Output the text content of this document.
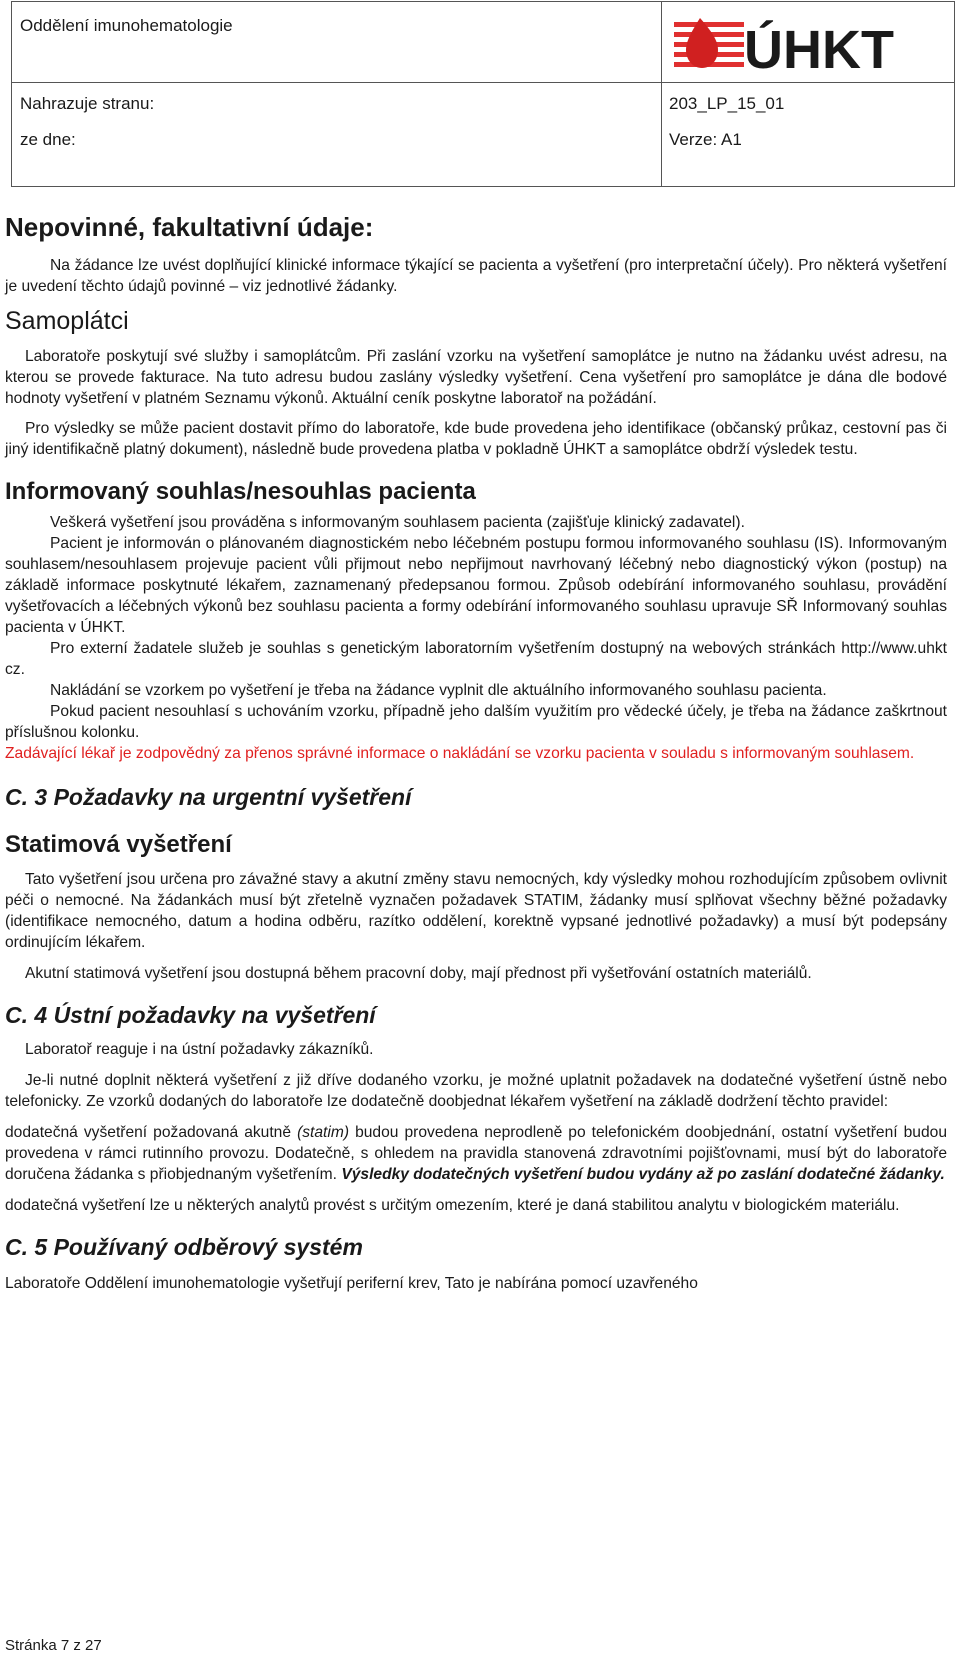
Oddělení imunohematologie
Nahrazuje stranu:
ze dne:
203_LP_15_01
Verze: A1
ÚHKT
Nepovinné, fakultativní údaje:

Na žádance lze uvést doplňující klinické informace týkající se pacienta a vyšetření (pro interpretační účely). Pro některá vyšetření je uvedení těchto údajů povinné – viz jednotlivé žádanky.

Samoplátci

Laboratoře poskytují své služby i samoplátcům. Při zaslání vzorku na vyšetření samoplátce je nutno na žádanku uvést adresu, na kterou se provede fakturace. Na tuto adresu budou zaslány výsledky vyšetření. Cena vyšetření pro samoplátce je dána dle bodové hodnoty vyšetření v platném Seznamu výkonů. Aktuální ceník poskytne laboratoř na požádání.

Pro výsledky se může pacient dostavit přímo do laboratoře, kde bude provedena jeho identifikace (občanský průkaz, cestovní pas či jiný identifikačně platný dokument), následně bude provedena platba v pokladně ÚHKT a samoplátce obdrží výsledek testu.

Informovaný souhlas/nesouhlas pacienta

Veškerá vyšetření jsou prováděna s informovaným souhlasem pacienta (zajišťuje klinický zadavatel).

Pacient je informován o plánovaném diagnostickém nebo léčebném postupu formou informovaného souhlasu (IS). Informovaným souhlasem/nesouhlasem projevuje pacient vůli přijmout nebo nepřijmout navrhovaný léčebný nebo diagnostický výkon (postup) na základě informace poskytnuté lékařem, zaznamenaný předepsanou formou. Způsob odebírání informovaného souhlasu, provádění vyšetřovacích a léčebných výkonů bez souhlasu pacienta a formy odebírání informovaného souhlasu upravuje SŘ Informovaný souhlas pacienta v ÚHKT.

Pro externí žadatele služeb je souhlas s genetickým laboratorním vyšetřením dostupný na webových stránkách http://www.uhkt cz.

Nakládání se vzorkem po vyšetření je třeba na žádance vyplnit dle aktuálního informovaného souhlasu pacienta.

Pokud pacient nesouhlasí s uchováním vzorku, případně jeho dalším využitím pro vědecké účely, je třeba na žádance zaškrtnout příslušnou kolonku.

Zadávající lékař je zodpovědný za přenos správné informace o nakládání se vzorku pacienta v souladu s informovaným souhlasem.

C. 3 Požadavky na urgentní vyšetření
Statimová vyšetření

Tato vyšetření jsou určena pro závažné stavy a akutní změny stavu nemocných, kdy výsledky mohou rozhodujícím způsobem ovlivnit péči o nemocné. Na žádankách musí být zřetelně vyznačen požadavek STATIM, žádanky musí splňovat všechny běžné požadavky (identifikace nemocného, datum a hodina odběru, razítko oddělení, korektně vypsané jednotlivé požadavky) a musí být podepsány ordinujícím lékařem.

Akutní statimová vyšetření jsou dostupná během pracovní doby, mají přednost při vyšetřování ostatních materiálů.

C. 4 Ústní požadavky na vyšetření

Laboratoř reaguje i na ústní požadavky zákazníků.

Je-li nutné doplnit některá vyšetření z již dříve dodaného vzorku, je možné uplatnit požadavek na dodatečné vyšetření ústně nebo telefonicky. Ze vzorků dodaných do laboratoře lze dodatečně doobjednat lékařem vyšetření na základě dodržení těchto pravidel:

dodatečná vyšetření požadovaná akutně (statim) budou provedena neprodleně po telefonickém doobjednání, ostatní vyšetření budou provedena v rámci rutinního provozu. Dodatečně, s ohledem na pravidla stanovená zdravotními pojišťovnami, musí být do laboratoře doručena žádanka s přiobjednaným vyšetřením. Výsledky dodatečných vyšetření budou vydány až po zaslání dodatečné žádanky.

dodatečná vyšetření lze u některých analytů provést s určitým omezením, které je daná stabilitou analytu v biologickém materiálu.

C. 5 Používaný odběrový systém

Laboratoře Oddělení imunohematologie vyšetřují periferní krev, Tato je nabírána pomocí uzavřeného

Stránka 7 z 27
